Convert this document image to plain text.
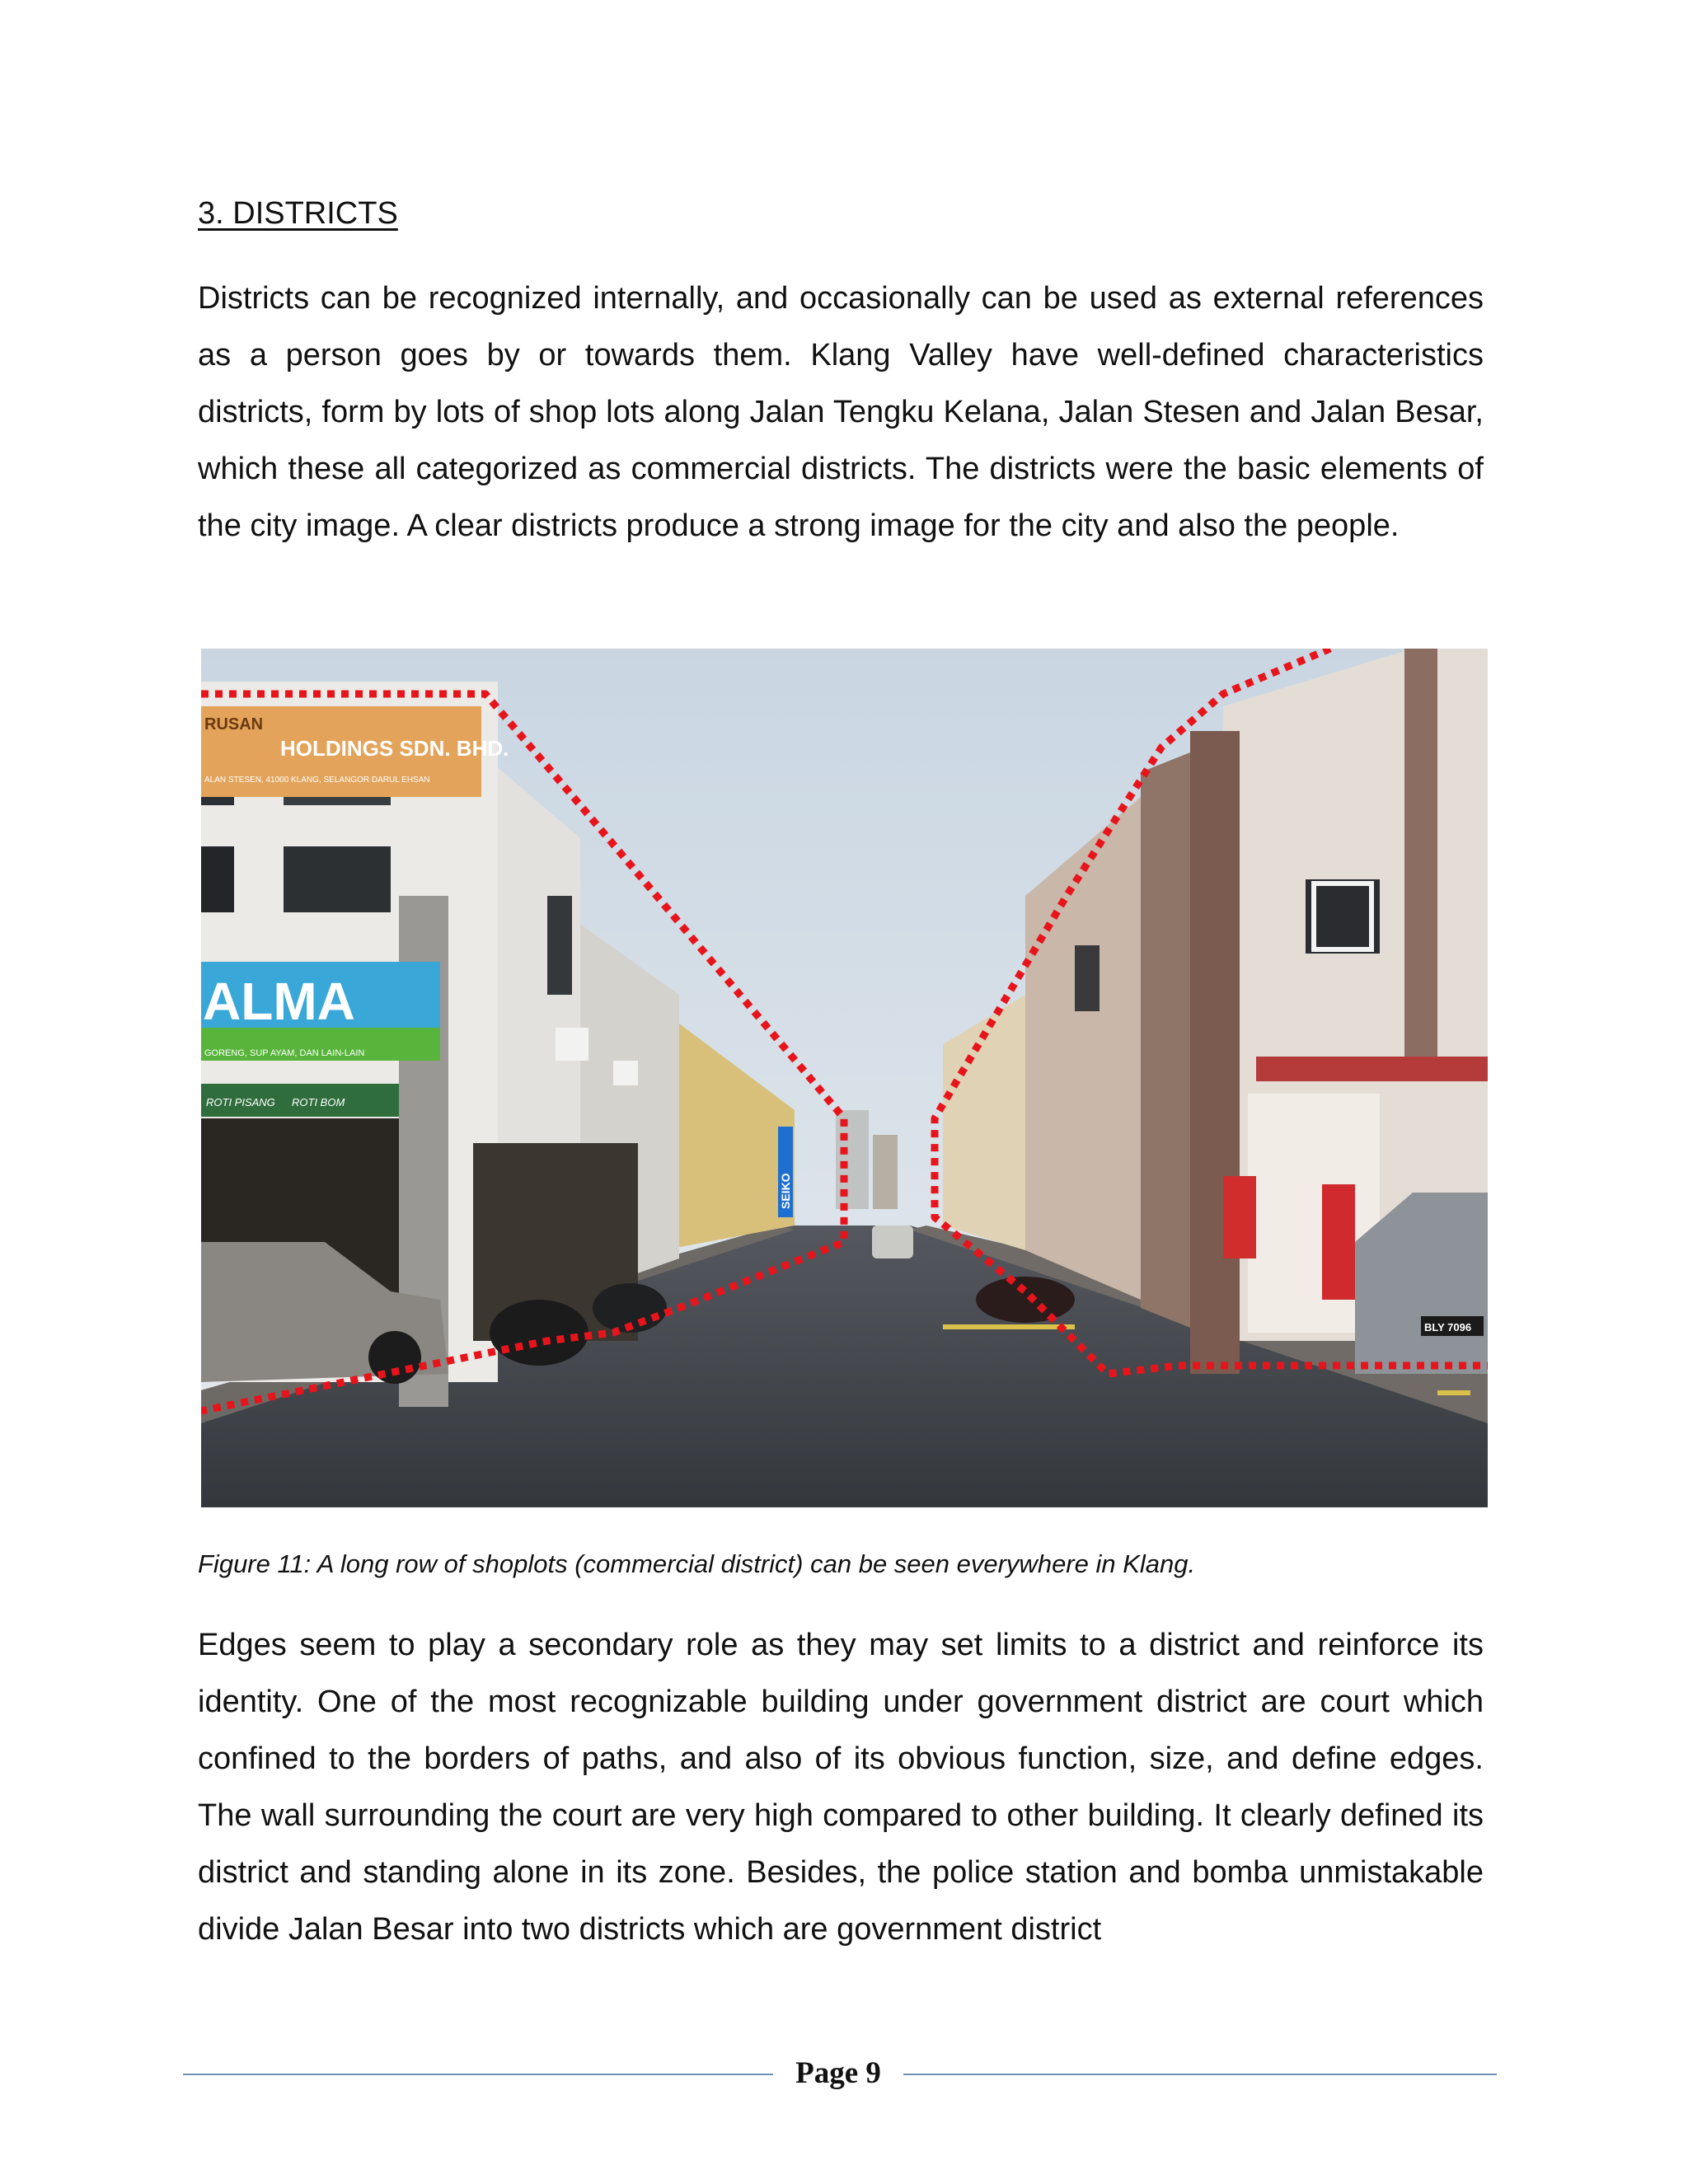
3. DISTRICTS

Districts can be recognized internally, and occasionally can be used as external references as a person goes by or towards them. Klang Valley have well-defined characteristics districts, form by lots of shop lots along Jalan Tengku Kelana, Jalan Stesen and Jalan Besar, which these all categorized as commercial districts. The districts were the basic elements of the city image. A clear districts produce a strong image for the city and also the people.

RUSAN
HOLDINGS SDN. BHD.
ALAN STESEN, 41000 KLANG, SELANGOR DARUL EHSAN
ALMA
GORENG, SUP AYAM, DAN LAIN-LAIN
ROTI PISANG ROTI BOM
SEIKO
BLY 7096

Figure 11: A long row of shoplots (commercial district) can be seen everywhere in Klang.

Edges seem to play a secondary role as they may set limits to a district and reinforce its identity. One of the most recognizable building under government district are court which confined to the borders of paths, and also of its obvious function, size, and define edges. The wall surrounding the court are very high compared to other building. It clearly defined its district and standing alone in its zone. Besides, the police station and bomba unmistakable divide Jalan Besar into two districts which are government district

Page 9
